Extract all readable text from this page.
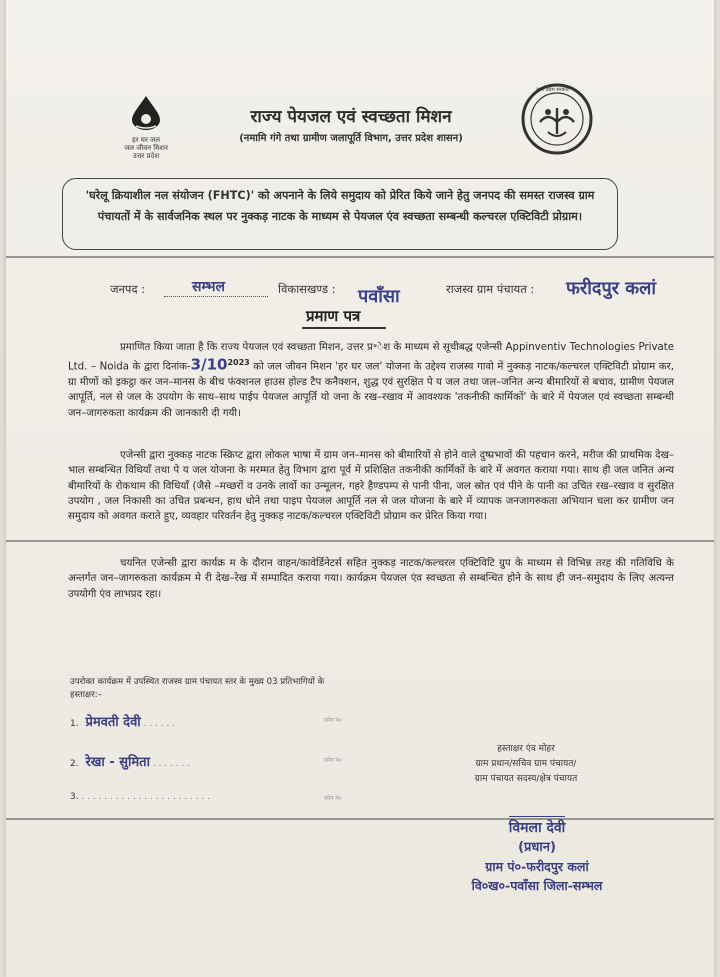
हर घर जल
जल जीवन मिशन
उत्तर प्रदेश
राज्य पेयजल एवं स्वच्छता मिशन
(नमामि गंगे तथा ग्रामीण जलापूर्ति विभाग, उत्तर प्रदेश शासन)
उत्तर प्रदेश सरकार
'घरेलू क्रियाशील नल संयोजन (FHTC)' को अपनाने के लिये समुदाय को प्रेरित किये जाने हेतु जनपद की समस्त राजस्व ग्राम पंचायतों में के सार्वजनिक स्थल पर नुक्कड़ नाटक के माध्यम से पेयजल एंव स्वच्छता सम्बन्धी कल्चरल एक्टिविटी प्रोग्राम।
जनपद :	सम्भल	विकासखण्ड : पवाँसा	राजस्व ग्राम पंचायत : फरीदपुर कलां
प्रमाण पत्र

प्रमाणित किया जाता है कि राज्य पेयजल एवं स्वच्छता मिशन, उत्तर प्र॰ेश के माध्यम से सूचीबद्ध एजेन्सी Appinventiv Technologies Private Ltd. – Noida के द्वारा $दिनांक-3/10^{2023}$ को जल जीवन मिशन 'हर घर जल' योजना के उद्देश्य राजस्व गावो में नुक्कड़ नाटक/कल्चरल एक्टिविटी प्रोग्राम कर, ग्रा मीणों को इकट्ठा कर जन–मानस के बीच फंक्शनल हाउस होल्ड टैप कनैक्शन, शुद्ध एवं सुरक्षित पे य जल तथा जल–जनित अन्य बीमारियों से बचाव, ग्रामीण पेयजल आपूर्ति, नल से जल के उपयोग के साथ–साथ पाईप पेयजल आपूर्ति यो जना के रख–रखाव में आवश्यक 'तकनीकी कार्मिकों' के बारे में पेयजल एवं स्वच्छता सम्बन्धी जन–जागरुकता कार्यक्रम की जानकारी दी गयी।

एजेन्सी द्वारा नुक्कड़ नाटक स्क्रिप्ट द्वारा लोकल भाषा में ग्राम जन–मानस को बीमारियों से होने वाले दुष्प्रभावों की पहचान करने, मरीज की प्राथमिक देख–भाल सम्बन्धित विधियाँ तथा पे य जल योजना के मरम्मत हेतु विभाग द्वारा पूर्व में प्रशिक्षित तकनीकी कार्मिकों के बारे में अवगत कराया गया। साथ ही जल जनित अन्य बीमारियों के रोकथाम की विधियाँ (जैसे –मच्छरों व उनके लार्वो का उन्मूलन, गहरे हैण्डपम्प से पानी पीना, जल स्रोत एवं पीने के पानी का उचित रख–रखाव व सुरक्षित उपयोग , जल निकासी का उचित प्रबन्धन, हाथ धोने तथा पाइप पेयजल आपूर्ति नल से जल योजना के बारे में व्यापक जनजागरुकता अभियान चला कर ग्रामीण जन समुदाय को अवगत कराते हुए, व्यवहार परिवर्तन हेतु नुक्कड़ नाटक/कल्चरल एक्टिविटी प्रोग्राम कर प्रेरित किया गया।

चयनित एजेन्सी द्वारा कार्यक्र म के दौरान वाहन/कावेर्डिनेटर्स सहित नुक्कड़ नाटक/कल्चरल एक्टिविटि ग्रुप के माध्यम से विभिन्न तरह की गतिविधि के अन्तर्गत जन–जागरुकता कार्यक्रम मे री देख–रेख में सम्पादित कराया गया। कार्यक्रम पेयजल एंव स्वच्छता से सम्बन्धित होने के साथ ही जन–समुदाय के लिए अत्यन्त उपयोगी एंव लाभप्रद रहा।

उपरोक्त कार्यक्रम में उपस्थित राजस्व ग्राम पंचायत स्तर के मुख्य 03 प्रतिभागियों के
हस्ताक्षर:–
1. प्रेमवती देवी . . . . . .	फोन नं०
2. रेखा - सुमिता . . . . . . .	फोन नं०
3. . . . . . . . . . . . . . . . . . . . . . . .	फोन नं०
हस्ताक्षर एंव मोहर
ग्राम प्रधान/सचिव ग्राम पंचायत/
ग्राम पंचायत सदस्य/क्षेत्र पंचायत
विमला देवी
(प्रधान)
ग्राम पं०-फरीदपुर कलां
वि०ख०-पवाँसा जिला-सम्भल
